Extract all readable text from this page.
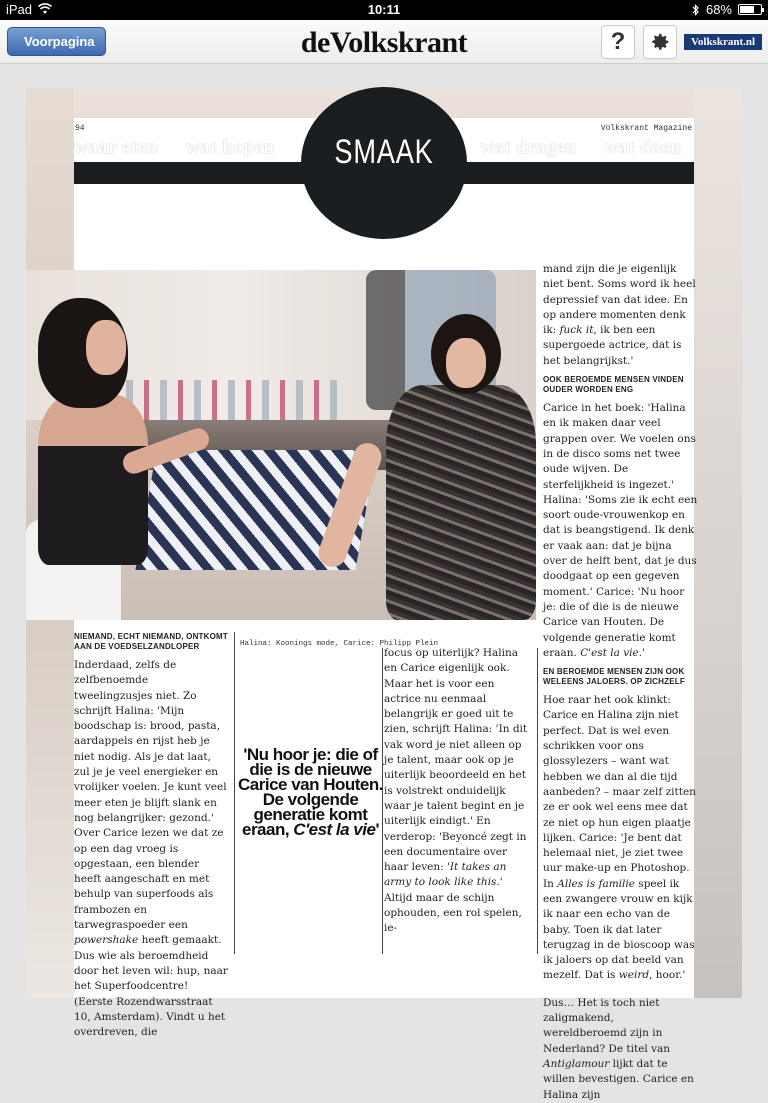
iPad	10:11	68%
Voorpagina	deVolkskrant	?	Volkskrant.nl
94	Volkskrant Magazine
waar eten wat kopen	wat dragen wat doen
SMAAK
NIEMAND, ECHT NIEMAND, ONTKOMT AAN DE VOEDSELZANDLOPER

Inderdaad, zelfs de zelfbenoemde tweelingzusjes niet. Zo schrijft Halina: 'Mijn boodschap is: brood, pasta, aardappels en rijst heb je niet nodig. Als je dat laat, zul je je veel energieker en vrolijker voelen. Je kunt veel meer eten je blijft slank en nog belangrijker: gezond.' Over Carice lezen we dat ze op een dag vroeg is opgestaan, een blender heeft aangeschaft en met behulp van superfoods als frambozen en tarwegraspoeder een powershake heeft gemaakt. Dus wie als beroemdheid door het leven wil: hup, naar het Superfoodcentre! (Eerste Rozendwarsstraat 10, Amsterdam). Vindt u het overdreven, die

Halina: Koonings mode, Carice: Philipp Plein
'Nu hoor je: die of die is de nieuwe Carice van Houten. De volgende generatie komt eraan, C'est la vie'

focus op uiterlijk? Halina en Carice eigenlijk ook. Maar het is voor een actrice nu eenmaal belangrijk er goed uit te zien, schrijft Halina: 'In dit vak word je niet alleen op je talent, maar ook op je uiterlijk beoordeeld en het is volstrekt onduidelijk waar je talent begint en je uiterlijk eindigt.' En verderop: 'Beyoncé zegt in een documentaire over haar leven: 'It takes an army to look like this.' Altijd maar de schijn ophouden, een rol spelen, ie-

mand zijn die je eigenlijk niet bent. Soms word ik heel depressief van dat idee. En op andere momenten denk ik: fuck it, ik ben een supergoede actrice, dat is het belangrijkst.'

OOK BEROEMDE MENSEN VINDEN OUDER WORDEN ENG

Carice in het boek: 'Halina en ik maken daar veel grappen over. We voelen ons in de disco soms net twee oude wijven. De sterfelijkheid is ingezet.' Halina: 'Soms zie ik echt een soort oude-vrouwenkop en dat is beangstigend. Ik denk er vaak aan: dat je bijna over de helft bent, dat je dus doodgaat op een gegeven moment.' Carice: 'Nu hoor je: die of die is de nieuwe Carice van Houten. De volgende generatie komt eraan. C'est la vie.'

EN BEROEMDE MENSEN ZIJN OOK WELEENS JALOERS. OP ZICHZELF

Hoe raar het ook klinkt: Carice en Halina zijn niet perfect. Dat is wel even schrikken voor ons glossylezers – want wat hebben we dan al die tijd aanbeden? – maar zelf zitten ze er ook wel eens mee dat ze niet op hun eigen plaatje lijken. Carice: 'Je bent dat helemaal niet, je ziet twee uur make-up en Photoshop. In Alles is familie speel ik een zwangere vrouw en kijk ik naar een echo van de baby. Toen ik dat later terugzag in de bioscoop was ik jaloers op dat beeld van mezelf. Dat is weird, hoor.'

Dus… Het is toch niet zaligmakend, wereldberoemd zijn in Nederland? De titel van Antiglamour lijkt dat te willen bevestigen. Carice en Halina zijn
